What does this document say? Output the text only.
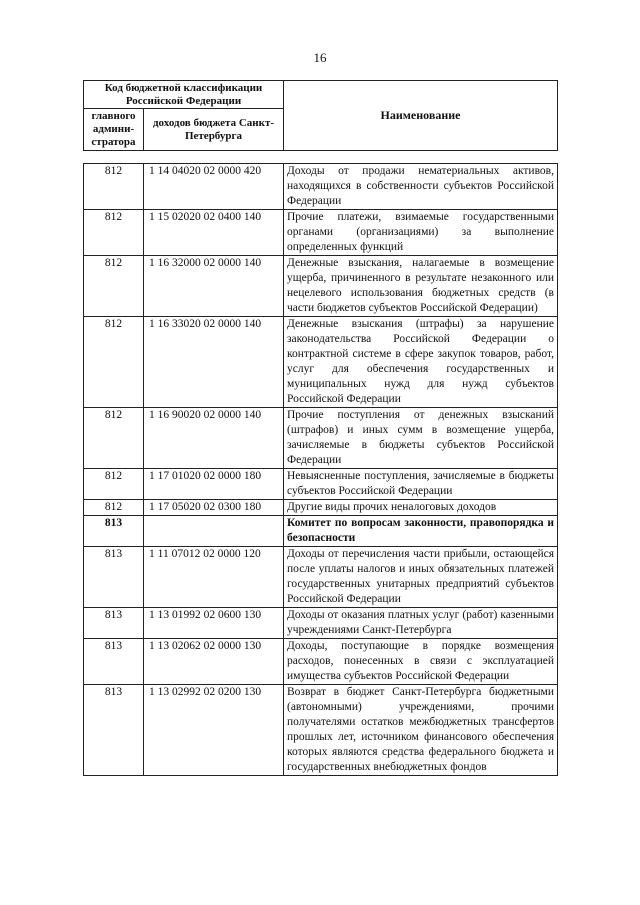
16
Код бюджетной классификации Российской Федерации		Наименование
главного админи-стратора	доходов бюджета Санкт-Петербурга	
812	1 14 04020 02 0000 420	Доходы от продажи нематериальных активов, находящихся в собственности субъектов Российской Федерации
812	1 15 02020 02 0400 140	Прочие платежи, взимаемые государственными органами (организациями) за выполнение определенных функций
812	1 16 32000 02 0000 140	Денежные взыскания, налагаемые в возмещение ущерба, причиненного в результате незаконного или нецелевого использования бюджетных средств (в части бюджетов субъектов Российской Федерации)
812	1 16 33020 02 0000 140	Денежные взыскания (штрафы) за нарушение законодательства Российской Федерации о контрактной системе в сфере закупок товаров, работ, услуг для обеспечения государственных и муниципальных нужд для нужд субъектов Российской Федерации
812	1 16 90020 02 0000 140	Прочие поступления от денежных взысканий (штрафов) и иных сумм в возмещение ущерба, зачисляемые в бюджеты субъектов Российской Федерации
812	1 17 01020 02 0000 180	Невыясненные поступления, зачисляемые в бюджеты субъектов Российской Федерации
812	1 17 05020 02 0300 180	Другие виды прочих неналоговых доходов
813		Комитет по вопросам законности, правопорядка и безопасности
813	1 11 07012 02 0000 120	Доходы от перечисления части прибыли, остающейся после уплаты налогов и иных обязательных платежей государственных унитарных предприятий субъектов Российской Федерации
813	1 13 01992 02 0600 130	Доходы от оказания платных услуг (работ) казенными учреждениями Санкт-Петербурга
813	1 13 02062 02 0000 130	Доходы, поступающие в порядке возмещения расходов, понесенных в связи с эксплуатацией имущества субъектов Российской Федерации
813	1 13 02992 02 0200 130	Возврат в бюджет Санкт-Петербурга бюджетными (автономными) учреждениями, прочими получателями остатков межбюджетных трансфертов прошлых лет, источником финансового обеспечения которых являются средства федерального бюджета и государственных внебюджетных фондов
